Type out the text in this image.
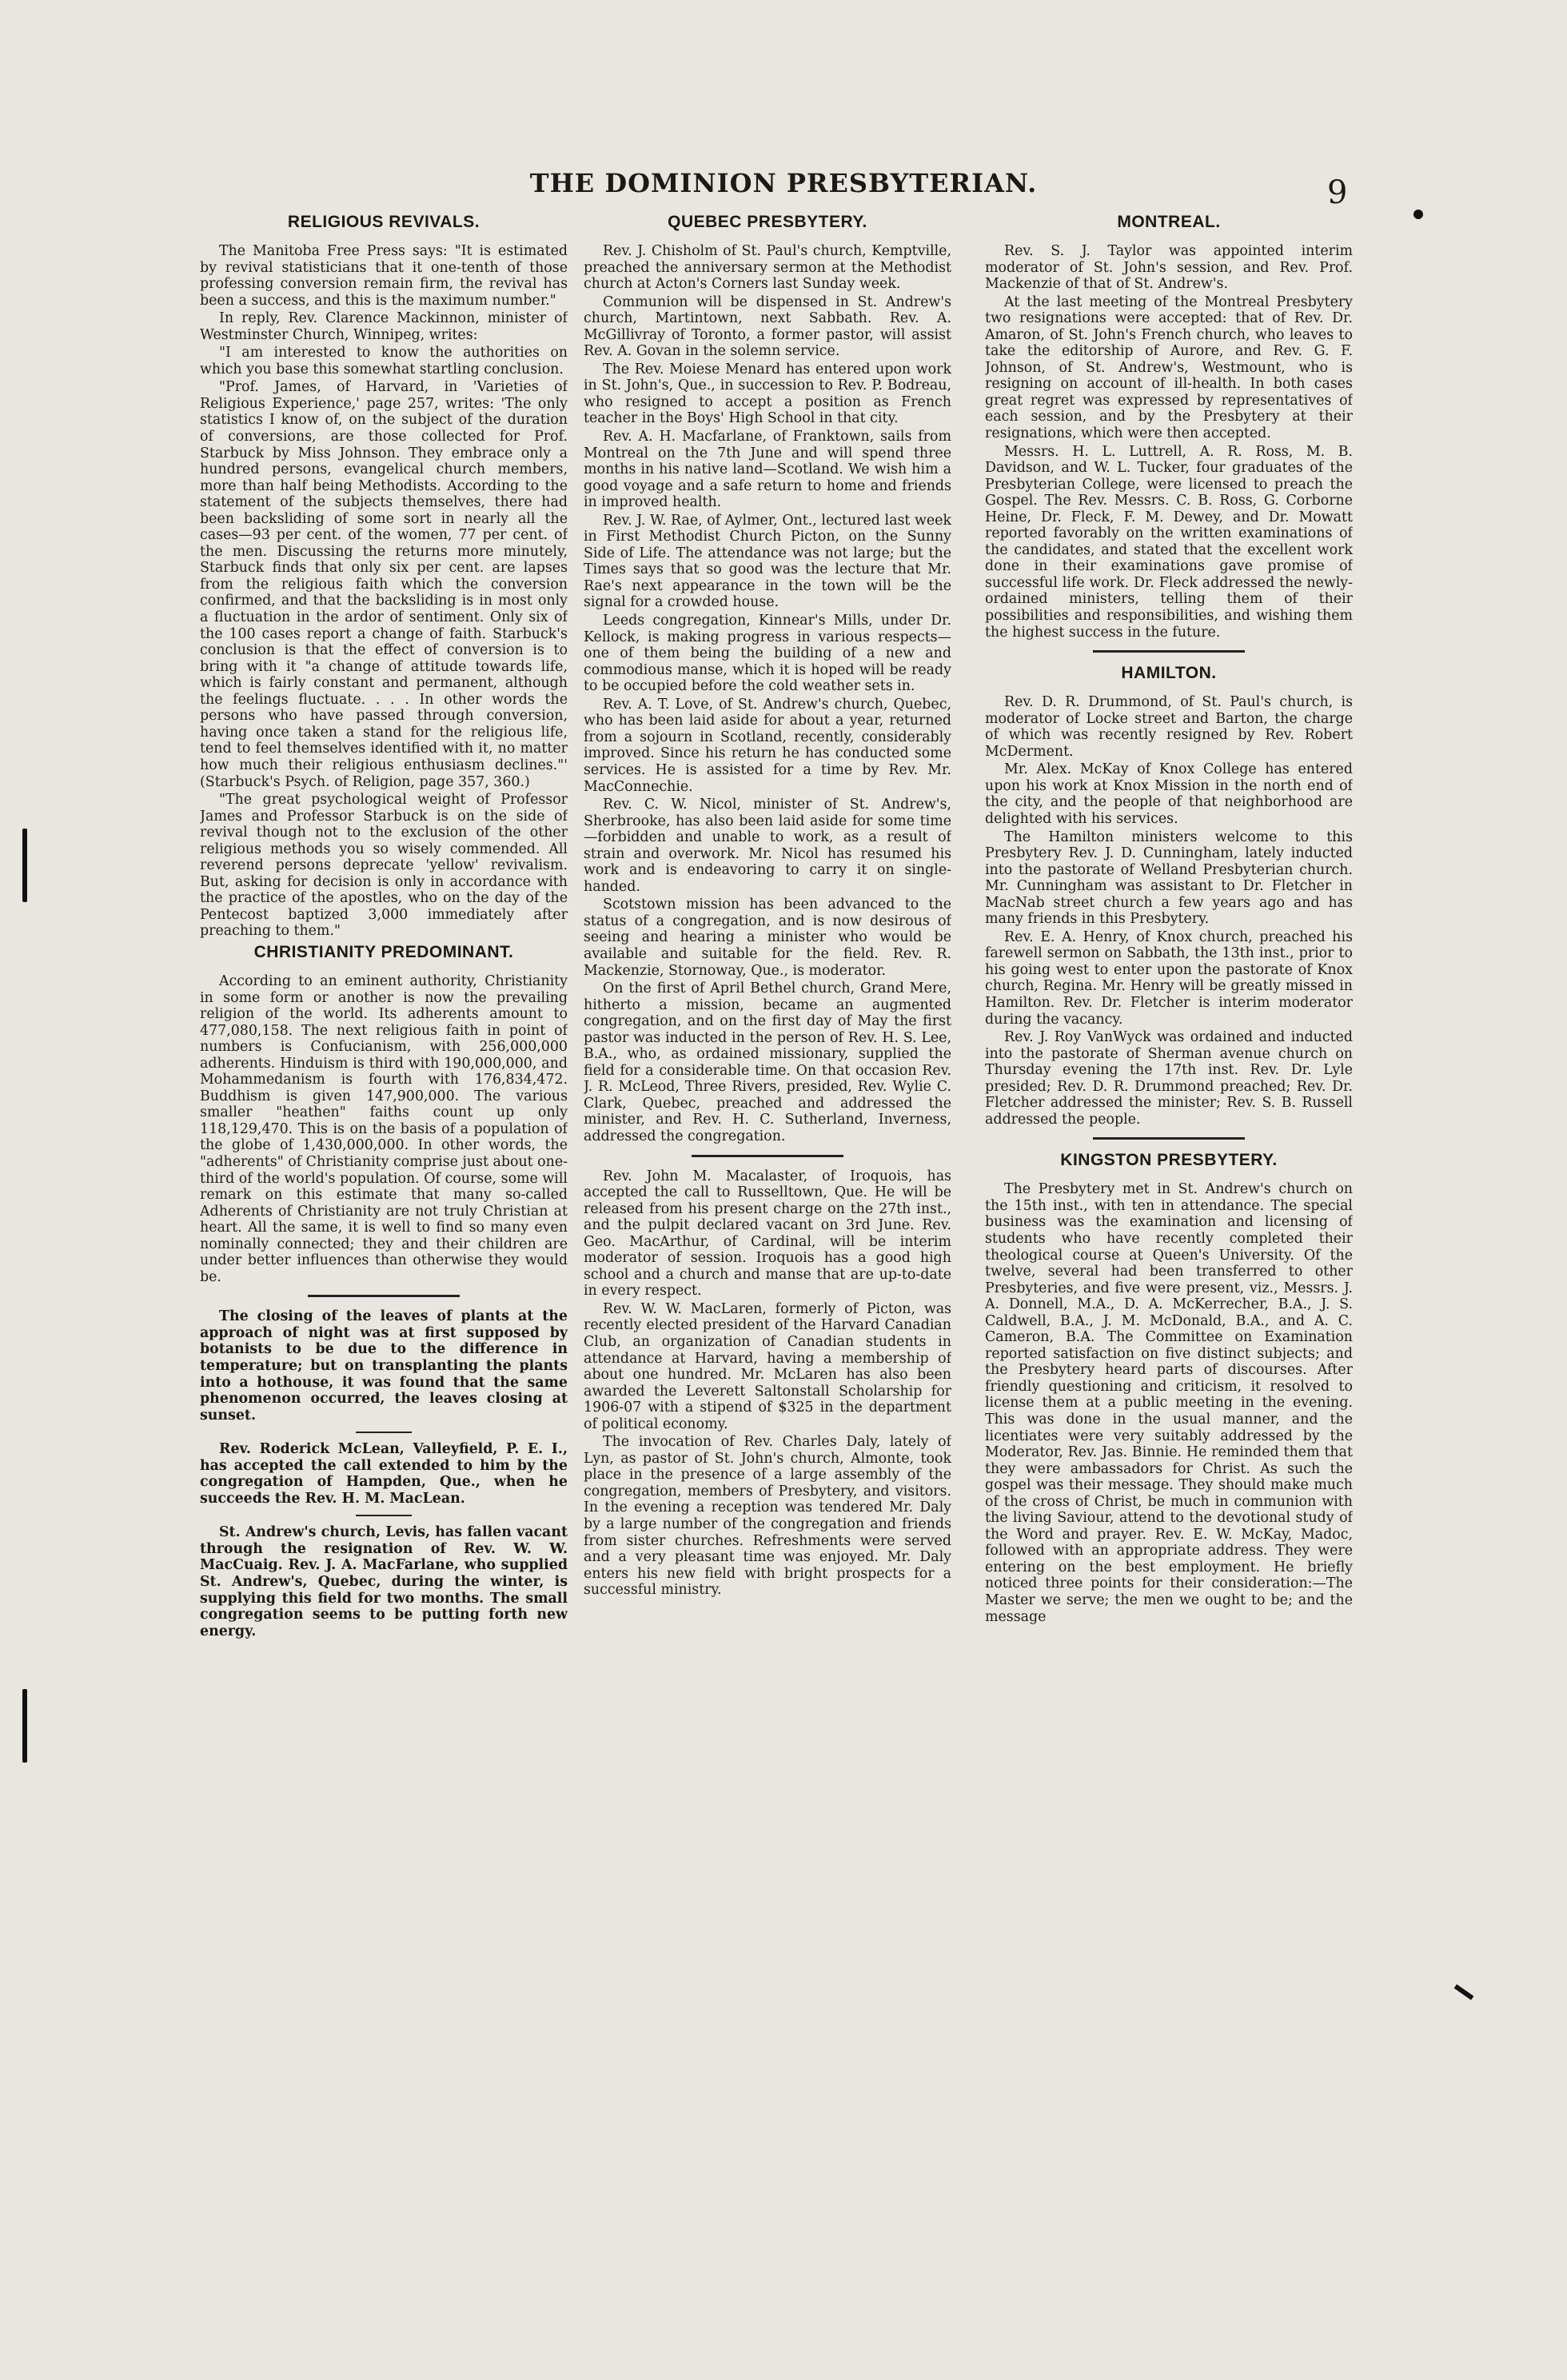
THE DOMINION PRESBYTERIAN.	9
RELIGIOUS REVIVALS.

The Manitoba Free Press says: "It is estimated by revival statisticians that it one-tenth of those professing conversion remain firm, the revival has been a success, and this is the maximum number."

In reply, Rev. Clarence Mackinnon, minister of Westminster Church, Winnipeg, writes:

"I am interested to know the authorities on which you base this somewhat startling conclusion.

"Prof. James, of Harvard, in 'Varieties of Religious Experience,' page 257, writes: 'The only statistics I know of, on the subject of the duration of conversions, are those collected for Prof. Starbuck by Miss Johnson. They embrace only a hundred persons, evangelical church members, more than half being Methodists. According to the statement of the subjects themselves, there had been backsliding of some sort in nearly all the cases—93 per cent. of the women, 77 per cent. of the men. Discussing the returns more minutely, Starbuck finds that only six per cent. are lapses from the religious faith which the conversion confirmed, and that the backsliding is in most only a fluctuation in the ardor of sentiment. Only six of the 100 cases report a change of faith. Starbuck's conclusion is that the effect of conversion is to bring with it "a change of attitude towards life, which is fairly constant and permanent, although the feelings fluctuate. . . . In other words the persons who have passed through conversion, having once taken a stand for the religious life, tend to feel themselves identified with it, no matter how much their religious enthusiasm declines."' (Starbuck's Psych. of Religion, page 357, 360.)

"The great psychological weight of Professor James and Professor Starbuck is on the side of revival though not to the exclusion of the other religious methods you so wisely commended. All reverend persons deprecate 'yellow' revivalism. But, asking for decision is only in accordance with the practice of the apostles, who on the day of the Pentecost baptized 3,000 immediately after preaching to them."

CHRISTIANITY PREDOMINANT.

According to an eminent authority, Christianity in some form or another is now the prevailing religion of the world. Its adherents amount to 477,080,158. The next religious faith in point of numbers is Confucianism, with 256,000,000 adherents. Hinduism is third with 190,000,000, and Mohammedanism is fourth with 176,834,472. Buddhism is given 147,900,000. The various smaller "heathen" faiths count up only 118,129,470. This is on the basis of a population of the globe of 1,430,000,000. In other words, the "adherents" of Christianity comprise just about one-third of the world's population. Of course, some will remark on this estimate that many so-called Adherents of Christianity are not truly Christian at heart. All the same, it is well to find so many even nominally connected; they and their children are under better influences than otherwise they would be.

The closing of the leaves of plants at the approach of night was at first supposed by botanists to be due to the difference in temperature; but on transplanting the plants into a hothouse, it was found that the same phenomenon occurred, the leaves closing at sunset.

Rev. Roderick McLean, Valleyfield, P. E. I., has accepted the call extended to him by the congregation of Hampden, Que., when he succeeds the Rev. H. M. MacLean.

St. Andrew's church, Levis, has fallen vacant through the resignation of Rev. W. W. MacCuaig. Rev. J. A. MacFarlane, who supplied St. Andrew's, Quebec, during the winter, is supplying this field for two months. The small congregation seems to be putting forth new energy.

QUEBEC PRESBYTERY.

Rev. J. Chisholm of St. Paul's church, Kemptville, preached the anniversary sermon at the Methodist church at Acton's Corners last Sunday week.

Communion will be dispensed in St. Andrew's church, Martintown, next Sabbath. Rev. A. McGillivray of Toronto, a former pastor, will assist Rev. A. Govan in the solemn service.

The Rev. Moiese Menard has entered upon work in St. John's, Que., in succession to Rev. P. Bodreau, who resigned to accept a position as French teacher in the Boys' High School in that city.

Rev. A. H. Macfarlane, of Franktown, sails from Montreal on the 7th June and will spend three months in his native land—Scotland. We wish him a good voyage and a safe return to home and friends in improved health.

Rev. J. W. Rae, of Aylmer, Ont., lectured last week in First Methodist Church Picton, on the Sunny Side of Life. The attendance was not large; but the Times says that so good was the lecture that Mr. Rae's next appearance in the town will be the signal for a crowded house.

Leeds congregation, Kinnear's Mills, under Dr. Kellock, is making progress in various respects—one of them being the building of a new and commodious manse, which it is hoped will be ready to be occupied before the cold weather sets in.

Rev. A. T. Love, of St. Andrew's church, Quebec, who has been laid aside for about a year, returned from a sojourn in Scotland, recently, considerably improved. Since his return he has conducted some services. He is assisted for a time by Rev. Mr. MacConnechie.

Rev. C. W. Nicol, minister of St. Andrew's, Sherbrooke, has also been laid aside for some time—forbidden and unable to work, as a result of strain and overwork. Mr. Nicol has resumed his work and is endeavoring to carry it on single-handed.

Scotstown mission has been advanced to the status of a congregation, and is now desirous of seeing and hearing a minister who would be available and suitable for the field. Rev. R. Mackenzie, Stornoway, Que., is moderator.

On the first of April Bethel church, Grand Mere, hitherto a mission, became an augmented congregation, and on the first day of May the first pastor was inducted in the person of Rev. H. S. Lee, B.A., who, as ordained missionary, supplied the field for a considerable time. On that occasion Rev. J. R. McLeod, Three Rivers, presided, Rev. Wylie C. Clark, Quebec, preached and addressed the minister, and Rev. H. C. Sutherland, Inverness, addressed the congregation.

Rev. John M. Macalaster, of Iroquois, has accepted the call to Russelltown, Que. He will be released from his present charge on the 27th inst., and the pulpit declared vacant on 3rd June. Rev. Geo. MacArthur, of Cardinal, will be interim moderator of session. Iroquois has a good high school and a church and manse that are up-to-date in every respect.

Rev. W. W. MacLaren, formerly of Picton, was recently elected president of the Harvard Canadian Club, an organization of Canadian students in attendance at Harvard, having a membership of about one hundred. Mr. McLaren has also been awarded the Leverett Saltonstall Scholarship for 1906-07 with a stipend of $325 in the department of political economy.

The invocation of Rev. Charles Daly, lately of Lyn, as pastor of St. John's church, Almonte, took place in the presence of a large assembly of the congregation, members of Presbytery, and visitors. In the evening a reception was tendered Mr. Daly by a large number of the congregation and friends from sister churches. Refreshments were served and a very pleasant time was enjoyed. Mr. Daly enters his new field with bright prospects for a successful ministry.

MONTREAL.

Rev. S. J. Taylor was appointed interim moderator of St. John's session, and Rev. Prof. Mackenzie of that of St. Andrew's.

At the last meeting of the Montreal Presbytery two resignations were accepted: that of Rev. Dr. Amaron, of St. John's French church, who leaves to take the editorship of Aurore, and Rev. G. F. Johnson, of St. Andrew's, Westmount, who is resigning on account of ill-health. In both cases great regret was expressed by representatives of each session, and by the Presbytery at their resignations, which were then accepted.

Messrs. H. L. Luttrell, A. R. Ross, M. B. Davidson, and W. L. Tucker, four graduates of the Presbyterian College, were licensed to preach the Gospel. The Rev. Messrs. C. B. Ross, G. Corborne Heine, Dr. Fleck, F. M. Dewey, and Dr. Mowatt reported favorably on the written examinations of the candidates, and stated that the excellent work done in their examinations gave promise of successful life work. Dr. Fleck addressed the newly-ordained ministers, telling them of their possibilities and responsibilities, and wishing them the highest success in the future.

HAMILTON.

Rev. D. R. Drummond, of St. Paul's church, is moderator of Locke street and Barton, the charge of which was recently resigned by Rev. Robert McDerment.

Mr. Alex. McKay of Knox College has entered upon his work at Knox Mission in the north end of the city, and the people of that neighborhood are delighted with his services.

The Hamilton ministers welcome to this Presbytery Rev. J. D. Cunningham, lately inducted into the pastorate of Welland Presbyterian church. Mr. Cunningham was assistant to Dr. Fletcher in MacNab street church a few years ago and has many friends in this Presbytery.

Rev. E. A. Henry, of Knox church, preached his farewell sermon on Sabbath, the 13th inst., prior to his going west to enter upon the pastorate of Knox church, Regina. Mr. Henry will be greatly missed in Hamilton. Rev. Dr. Fletcher is interim moderator during the vacancy.

Rev. J. Roy VanWyck was ordained and inducted into the pastorate of Sherman avenue church on Thursday evening the 17th inst. Rev. Dr. Lyle presided; Rev. D. R. Drummond preached; Rev. Dr. Fletcher addressed the minister; Rev. S. B. Russell addressed the people.

KINGSTON PRESBYTERY.

The Presbytery met in St. Andrew's church on the 15th inst., with ten in attendance. The special business was the examination and licensing of students who have recently completed their theological course at Queen's University. Of the twelve, several had been transferred to other Presbyteries, and five were present, viz., Messrs. J. A. Donnell, M.A., D. A. McKerrecher, B.A., J. S. Caldwell, B.A., J. M. McDonald, B.A., and A. C. Cameron, B.A. The Committee on Examination reported satisfaction on five distinct subjects; and the Presbytery heard parts of discourses. After friendly questioning and criticism, it resolved to license them at a public meeting in the evening. This was done in the usual manner, and the licentiates were very suitably addressed by the Moderator, Rev. Jas. Binnie. He reminded them that they were ambassadors for Christ. As such the gospel was their message. They should make much of the cross of Christ, be much in communion with the living Saviour, attend to the devotional study of the Word and prayer. Rev. E. W. McKay, Madoc, followed with an appropriate address. They were entering on the best employment. He briefly noticed three points for their consideration:—The Master we serve; the men we ought to be; and the message
